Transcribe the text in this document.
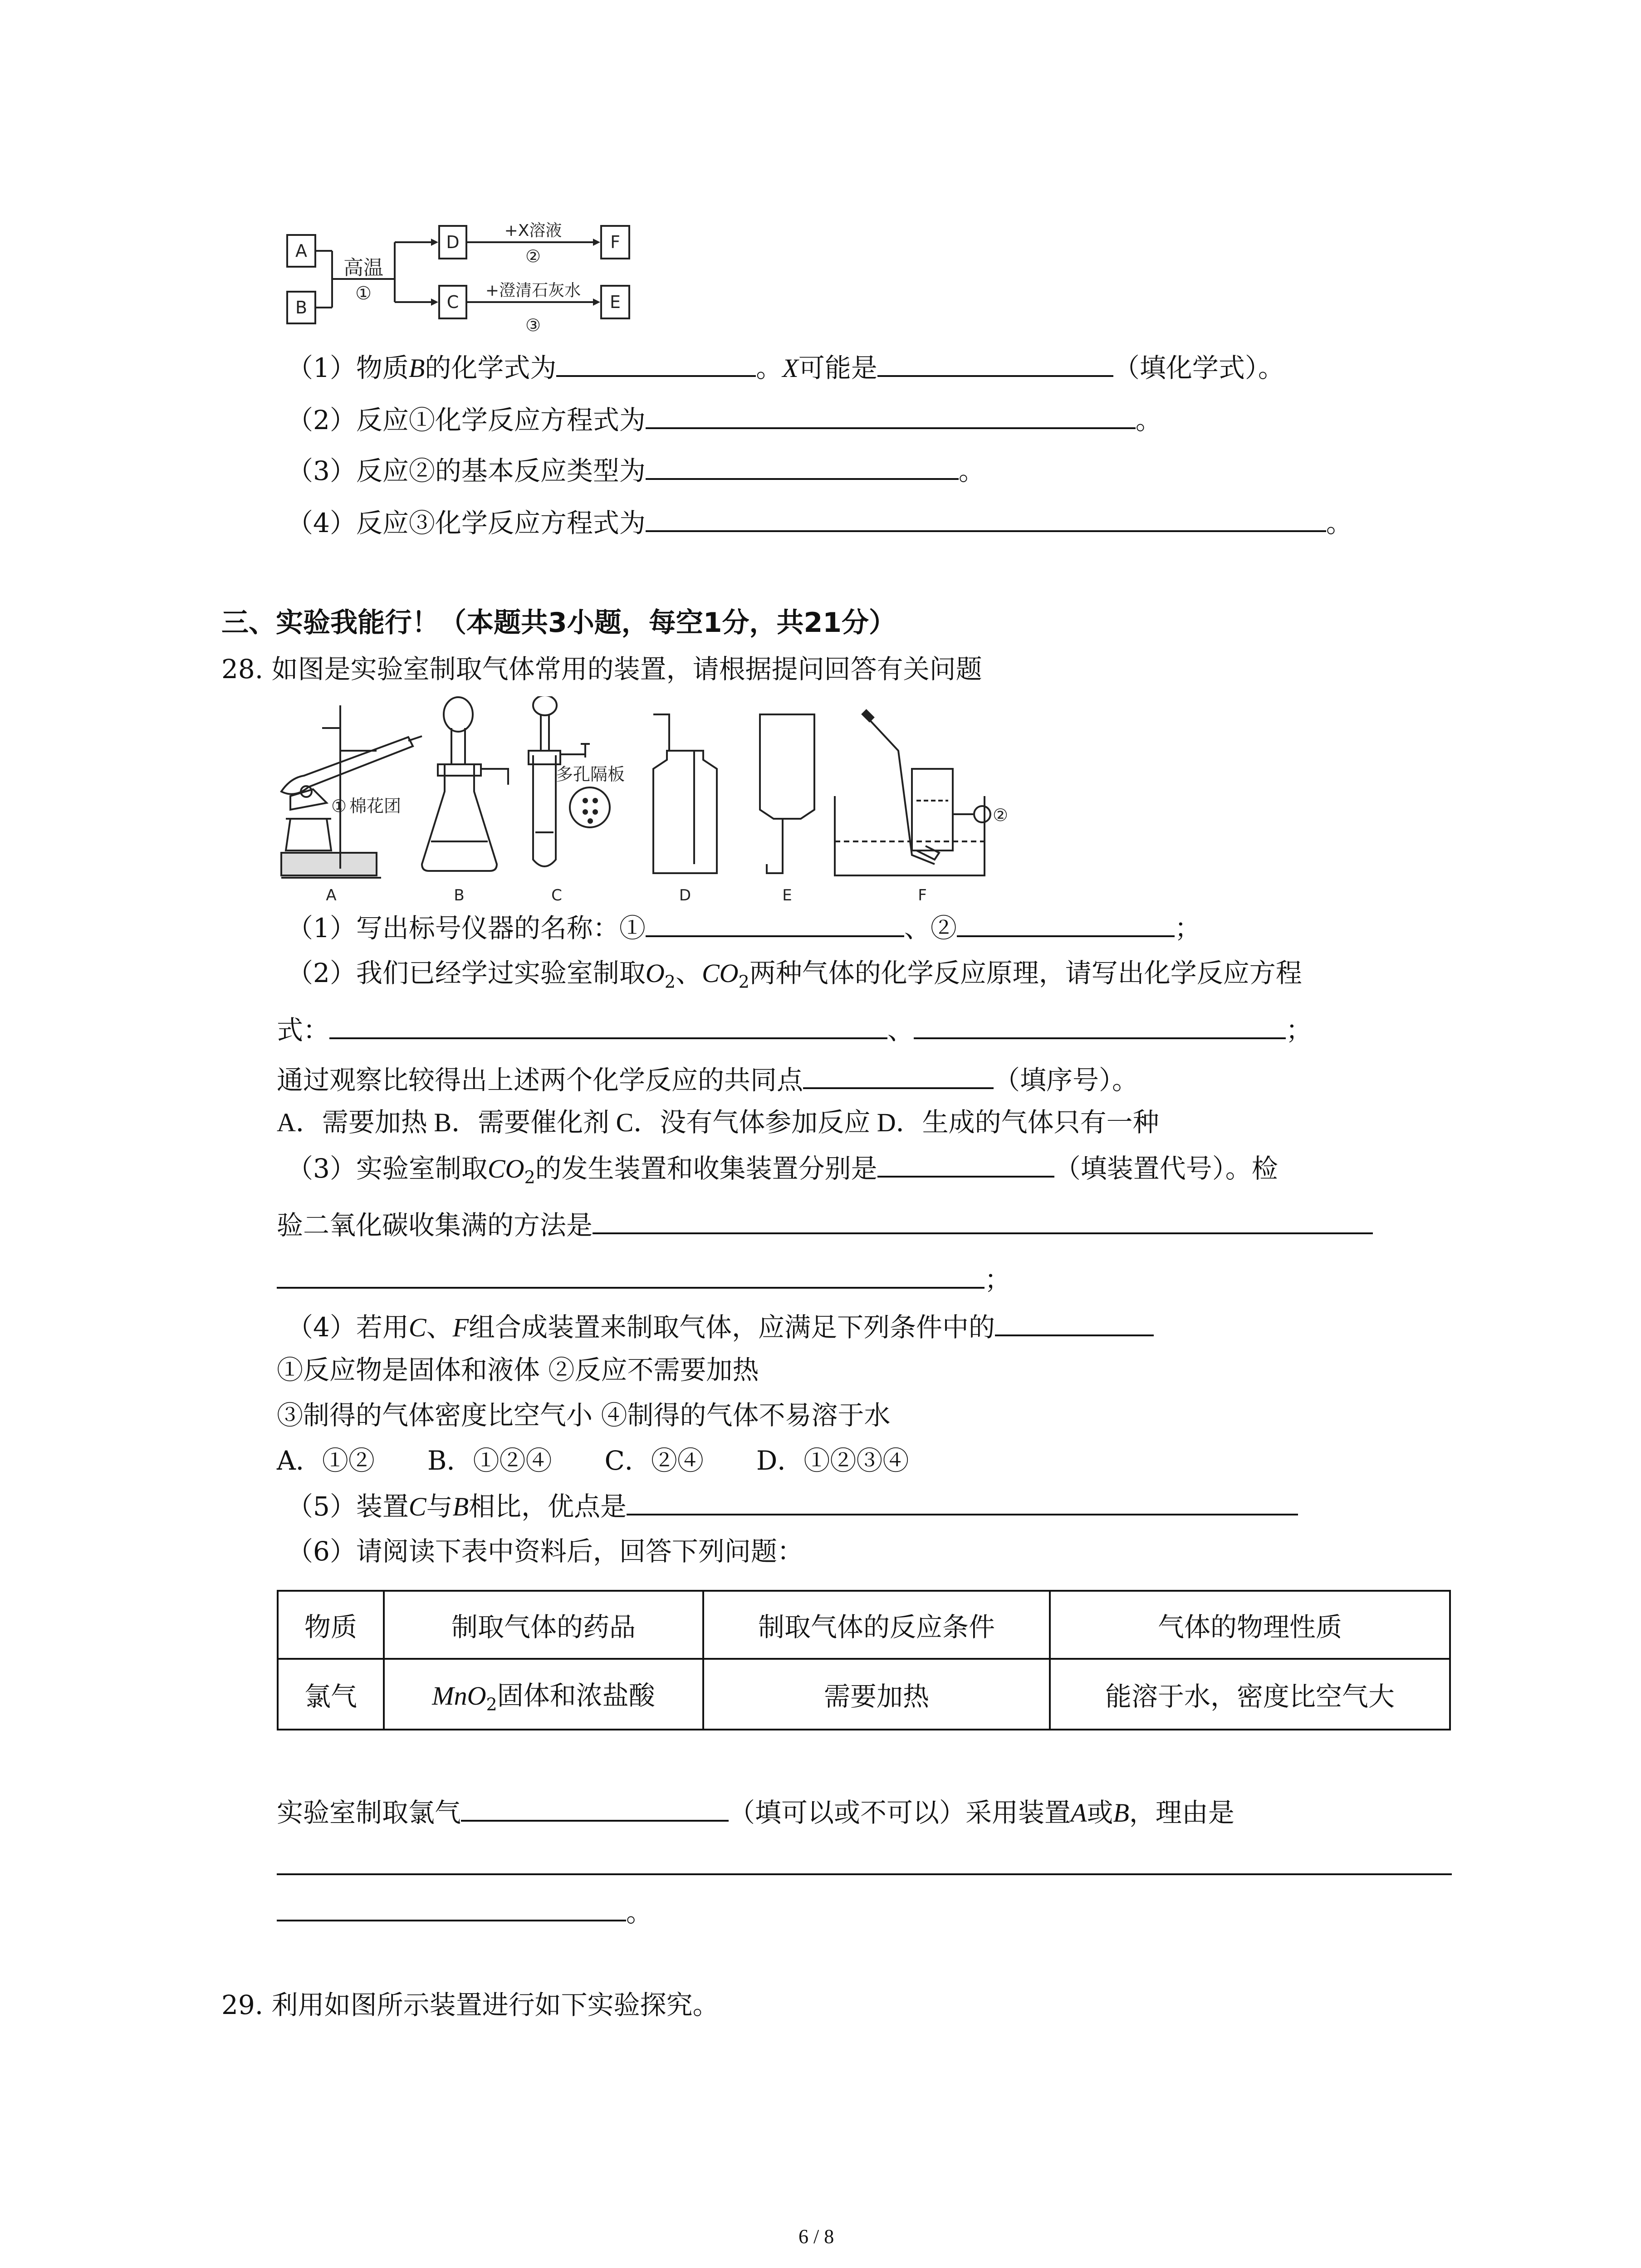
A
B
D
C
F
E
高温
①
+X溶液
②
+澄清石灰水
③
（1）物质B的化学式为	。X可能是	（填化学式）。
（2）反应①化学反应方程式为	。
（3）反应②的基本反应类型为	。
（4）反应③化学反应方程式为	。
三、实验我能行！（本题共3小题，每空1分，共21分）
28. 如图是实验室制取气体常用的装置，请根据提问回答有关问题
① 棉花团
多孔隔板
②
A	B	C	D	E	F
（1）写出标号仪器的名称：①	、②	；
（2）我们已经学过实验室制取$O_2$、$CO_2$两种气体的化学反应原理，请写出化学反应方程
式：	、	；
通过观察比较得出上述两个化学反应的共同点	（填序号）。
A．需要加热 B．需要催化剂 C．没有气体参加反应 D．生成的气体只有一种
（3）实验室制取$CO_2$的发生装置和收集装置分别是	（填装置代号）。检
验二氧化碳收集满的方法是
；
（4）若用C、F组合成装置来制取气体，应满足下列条件中的
①反应物是固体和液体 ②反应不需要加热
③制得的气体密度比空气小 ④制得的气体不易溶于水
A．①②　　B．①②④　　C．②④　　D．①②③④
（5）装置C与B相比，优点是
（6）请阅读下表中资料后，回答下列问题：
物质	制取气体的药品	制取气体的反应条件	气体的物理性质
氯气	MnO$_2$固体和浓盐酸	需要加热	能溶于水，密度比空气大
实验室制取氯气	（填可以或不可以）采用装置A或B，理由是
。
29. 利用如图所示装置进行如下实验探究。
6 / 8
